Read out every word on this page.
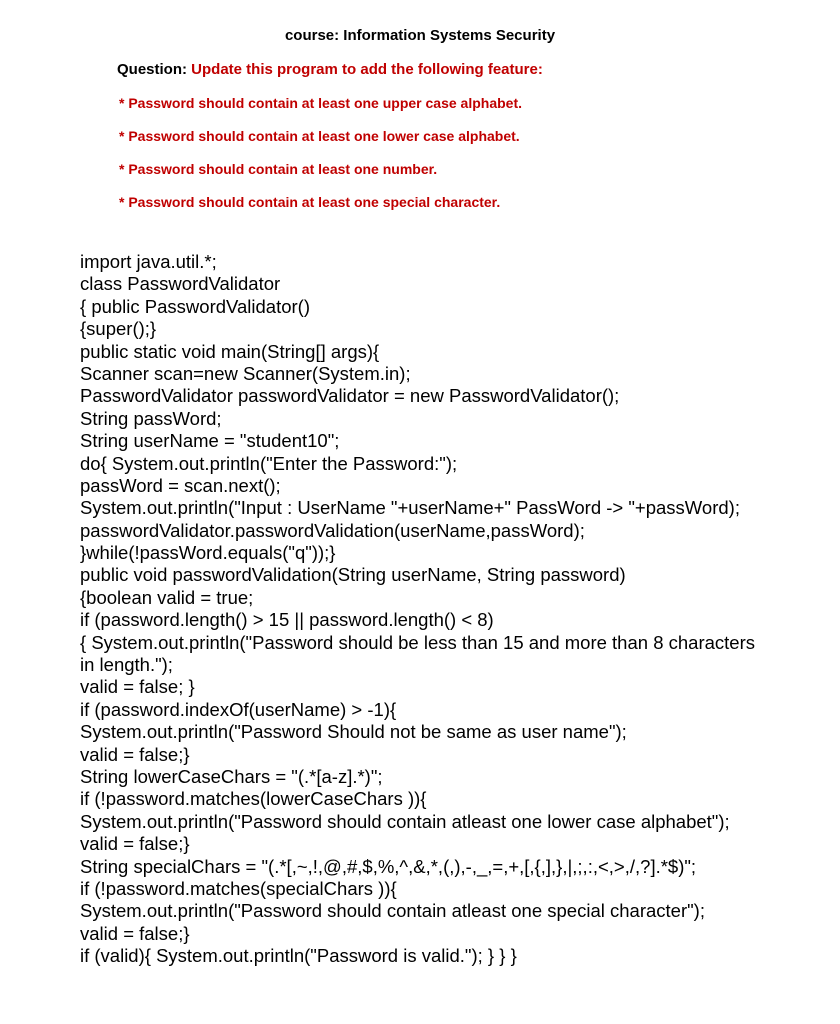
course: Information Systems Security
Question: Update this program to add the following feature:
* Password should contain at least one upper case alphabet.
* Password should contain at least one lower case alphabet.
* Password should contain at least one number.
* Password should contain at least one special character.
import java.util.*;
class PasswordValidator
{ public PasswordValidator()
{super();}
public static void main(String[] args){
Scanner scan=new Scanner(System.in);
PasswordValidator passwordValidator = new PasswordValidator();
String passWord;
String userName = "student10";
do{ System.out.println("Enter the Password:");
passWord = scan.next();
System.out.println("Input : UserName "+userName+" PassWord -> "+passWord);
passwordValidator.passwordValidation(userName,passWord);
}while(!passWord.equals("q"));}
public void passwordValidation(String userName, String password)
{boolean valid = true;
if (password.length() > 15 || password.length() < 8)
{ System.out.println("Password should be less than 15 and more than 8 characters
in length.");
valid = false; }
if (password.indexOf(userName) > -1){
System.out.println("Password Should not be same as user name");
valid = false;}
String lowerCaseChars = "(.*[a-z].*)";
if (!password.matches(lowerCaseChars )){
System.out.println("Password should contain atleast one lower case alphabet");
valid = false;}
String specialChars = "(.*[,~,!,@,#,$,%,^,&,*,(,),-,_,=,+,[,{,],},|,;,:,<,>,/,?].*$)";
if (!password.matches(specialChars )){
System.out.println("Password should contain atleast one special character");
valid = false;}
if (valid){ System.out.println("Password is valid."); } } }
